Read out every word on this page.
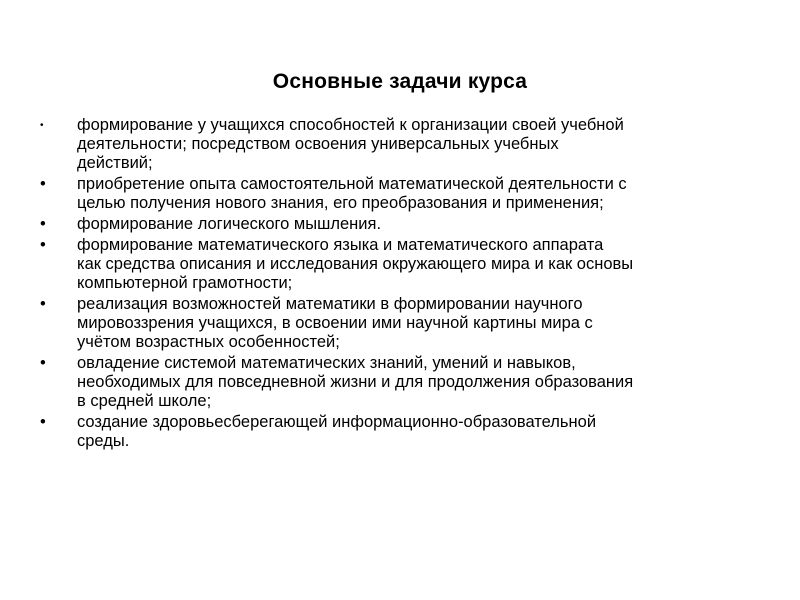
Основные задачи курса
•	формирование у учащихся способностей к организации своей учебной
деятельности; посредством освоения универсальных учебных
действий;
•	приобретение опыта самостоятельной математической деятельности с
целью получения нового знания, его преобразования и применения;
•	формирование логического мышления.
•	формирование математического языка и математического аппарата
как средства описания и исследования окружающего мира и как основы
компьютерной грамотности;
•	реализация возможностей математики в формировании научного
мировоззрения учащихся, в освоении ими научной картины мира с
учётом возрастных особенностей;
•	овладение системой математических знаний, умений и навыков,
необходимых для повседневной жизни и для продолжения образования
в средней школе;
•	создание здоровьесберегающей информационно-образовательной
среды.
